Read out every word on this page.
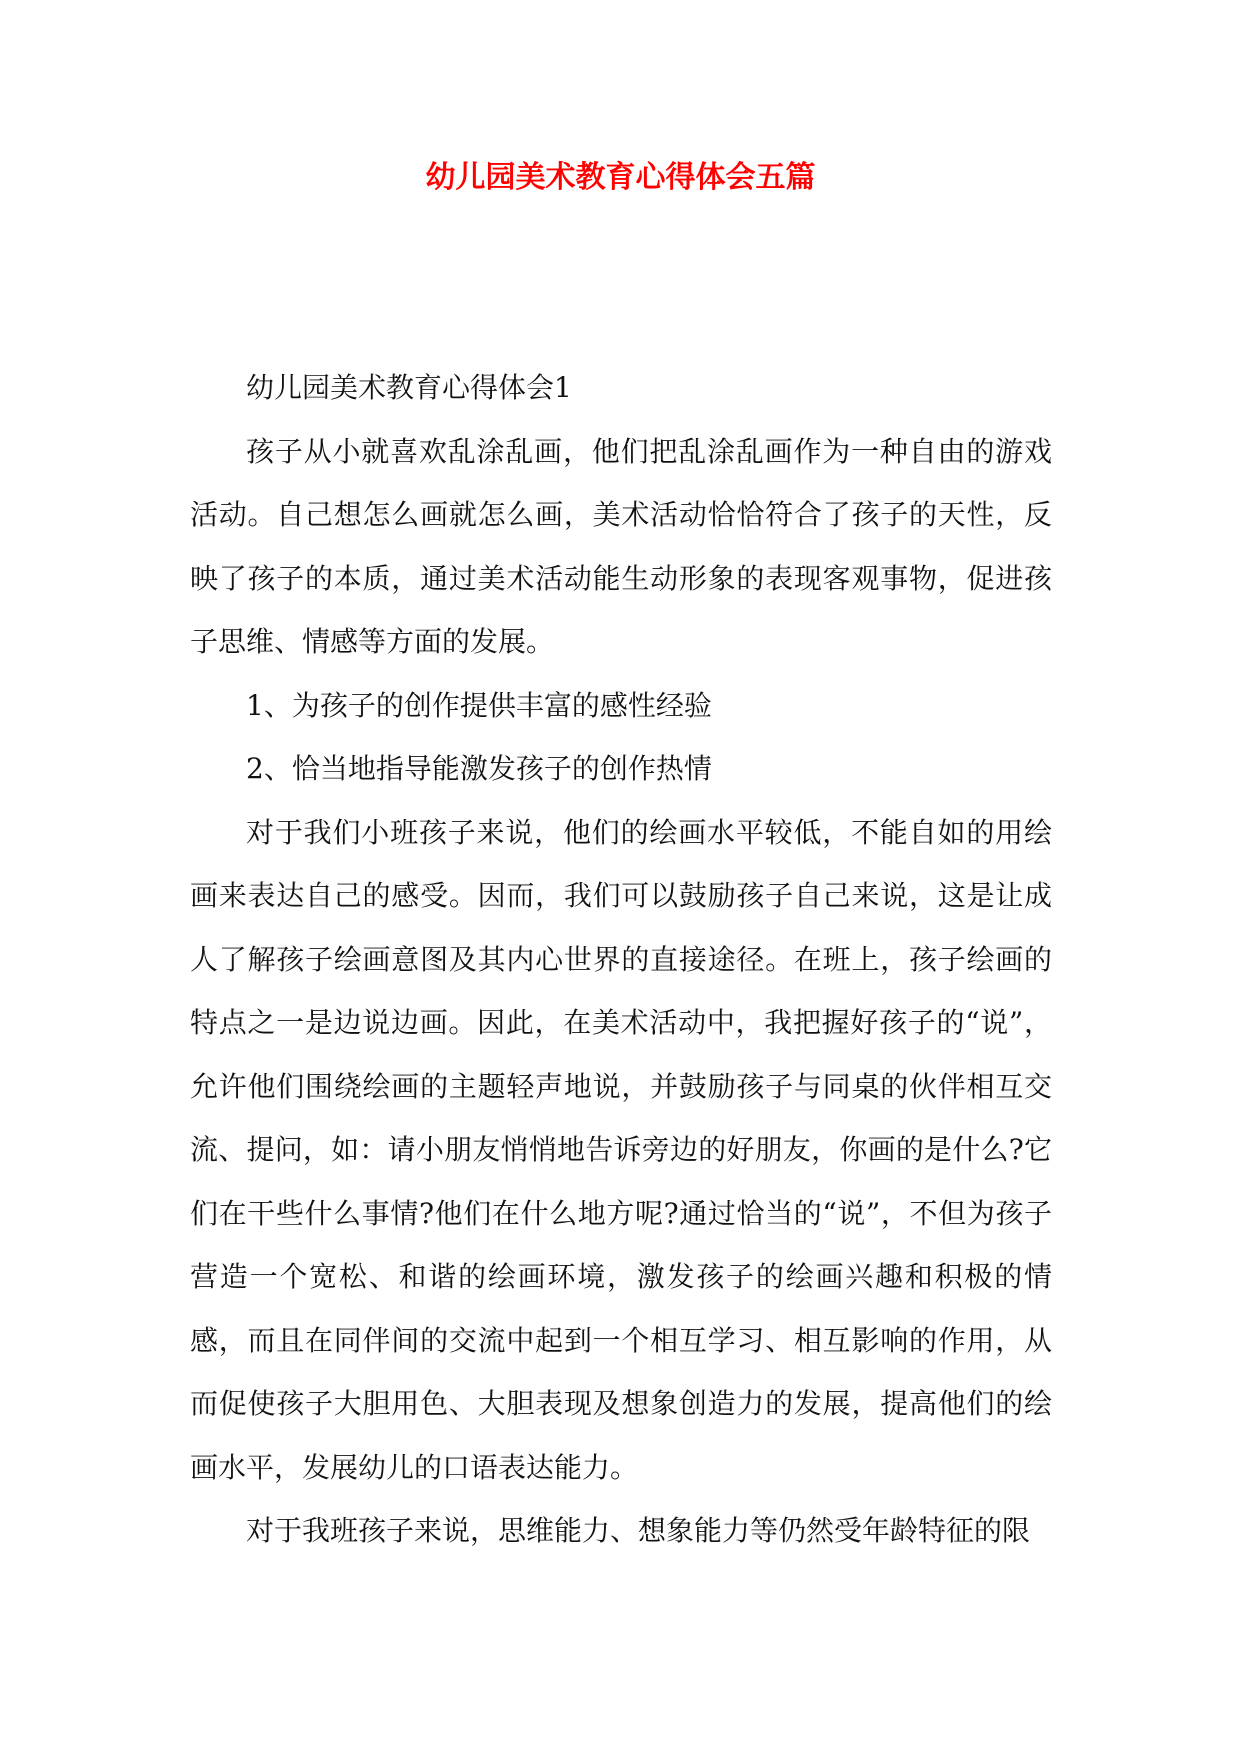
幼儿园美术教育心得体会五篇

幼儿园美术教育心得体会1

孩子从小就喜欢乱涂乱画，他们把乱涂乱画作为一种自由的游戏活动。自己想怎么画就怎么画，美术活动恰恰符合了孩子的天性，反映了孩子的本质，通过美术活动能生动形象的表现客观事物，促进孩子思维、情感等方面的发展。

1、为孩子的创作提供丰富的感性经验

2、恰当地指导能激发孩子的创作热情

对于我们小班孩子来说，他们的绘画水平较低，不能自如的用绘画来表达自己的感受。因而，我们可以鼓励孩子自己来说，这是让成人了解孩子绘画意图及其内心世界的直接途径。在班上，孩子绘画的特点之一是边说边画。因此，在美术活动中，我把握好孩子的“说”，允许他们围绕绘画的主题轻声地说，并鼓励孩子与同桌的伙伴相互交流、提问，如：请小朋友悄悄地告诉旁边的好朋友，你画的是什么?它们在干些什么事情?他们在什么地方呢?通过恰当的“说”，不但为孩子营造一个宽松、和谐的绘画环境，激发孩子的绘画兴趣和积极的情感，而且在同伴间的交流中起到一个相互学习、相互影响的作用，从而促使孩子大胆用色、大胆表现及想象创造力的发展，提高他们的绘画水平，发展幼儿的口语表达能力。

对于我班孩子来说，思维能力、想象能力等仍然受年龄特征的限
